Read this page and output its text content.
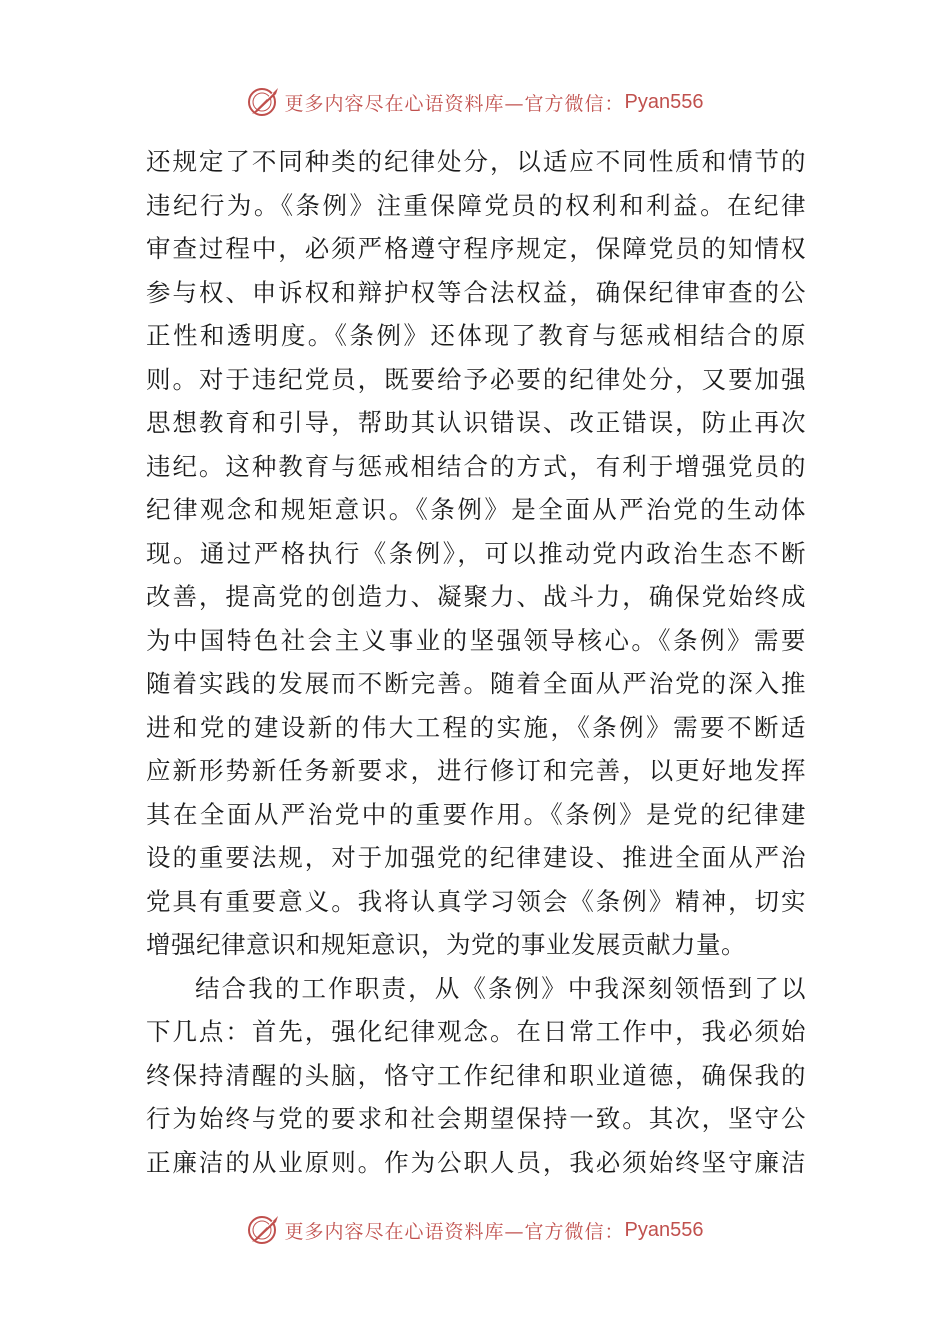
更多内容尽在心语资料库—官方微信： Pyan556
还规定了不同种类的纪律处分，以适应不同性质和情节的
违纪行为。《条例》注重保障党员的权利和利益。在纪律
审查过程中，必须严格遵守程序规定，保障党员的知情权
参与权、申诉权和辩护权等合法权益，确保纪律审查的公
正性和透明度。《条例》还体现了教育与惩戒相结合的原
则。对于违纪党员，既要给予必要的纪律处分，又要加强
思想教育和引导，帮助其认识错误、改正错误，防止再次
违纪。这种教育与惩戒相结合的方式，有利于增强党员的
纪律观念和规矩意识。《条例》是全面从严治党的生动体
现。通过严格执行《条例》，可以推动党内政治生态不断
改善，提高党的创造力、凝聚力、战斗力，确保党始终成
为中国特色社会主义事业的坚强领导核心。《条例》需要
随着实践的发展而不断完善。随着全面从严治党的深入推
进和党的建设新的伟大工程的实施，《条例》需要不断适
应新形势新任务新要求，进行修订和完善，以更好地发挥
其在全面从严治党中的重要作用。《条例》是党的纪律建
设的重要法规，对于加强党的纪律建设、推进全面从严治
党具有重要意义。我将认真学习领会《条例》精神，切实
增强纪律意识和规矩意识，为党的事业发展贡献力量。
结合我的工作职责，从《条例》中我深刻领悟到了以
下几点：首先，强化纪律观念。在日常工作中，我必须始
终保持清醒的头脑，恪守工作纪律和职业道德，确保我的
行为始终与党的要求和社会期望保持一致。其次，坚守公
正廉洁的从业原则。作为公职人员，我必须始终坚守廉洁
更多内容尽在心语资料库—官方微信： Pyan556
